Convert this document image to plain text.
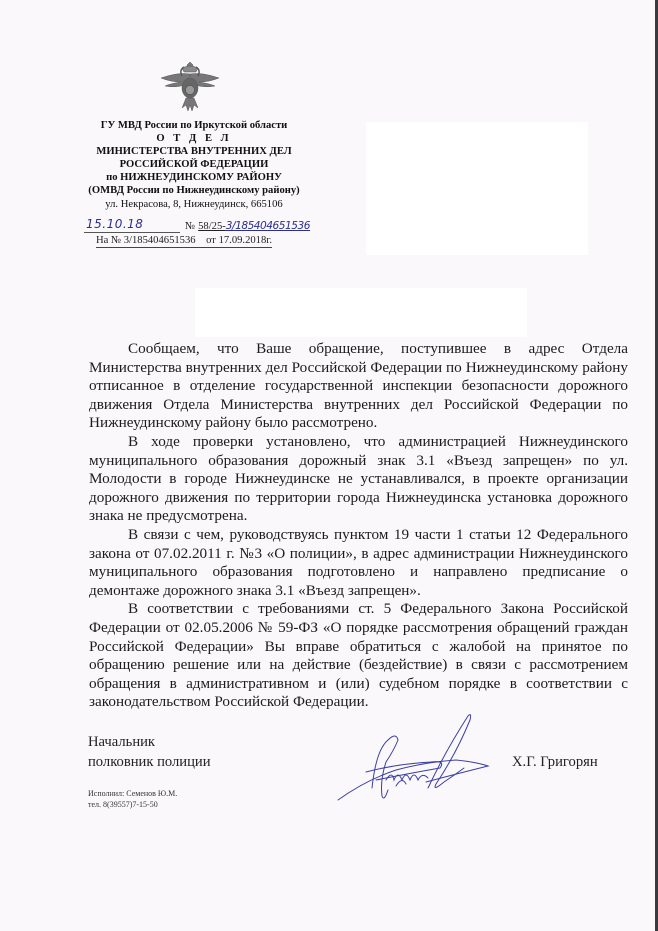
ГУ МВД России по Иркутской области
О Т Д Е Л
МИНИСТЕРСТВА ВНУТРЕННИХ ДЕЛ
РОССИЙСКОЙ ФЕДЕРАЦИИ
по НИЖНЕУДИНСКОМУ РАЙОНУ
(ОМВД России по Нижнеудинскому району)
ул. Некрасова, 8, Нижнеудинск, 665106
15.10.18	№ 58/25- 3/185404651536
На № 3/185404651536    от 17.09.2018г.

Сообщаем, что Ваше обращение, поступившее в адрес Отдела Министерства внутренних дел Российской Федерации по Нижнеудинскому району отписанное в отделение государственной инспекции безопасности дорожного движения Отдела Министерства внутренних дел Российской Федерации по Нижнеудинскому району было рассмотрено.

В ходе проверки установлено, что администрацией Нижнеудинского муниципального образования дорожный знак 3.1 «Въезд запрещен» по ул. Молодости в городе Нижнеудинске не устанавливался, в проекте организации дорожного движения по территории города Нижнеудинска установка дорожного знака не предусмотрена.

В связи с чем, руководствуясь пунктом 19 части 1 статьи 12 Федерального закона от 07.02.2011 г. №3 «О полиции», в адрес администрации Нижнеудинского муниципального образования подготовлено и направлено предписание о демонтаже дорожного знака 3.1 «Въезд запрещен».

В соответствии с требованиями ст. 5 Федерального Закона Российской Федерации от 02.05.2006 № 59-ФЗ «О порядке рассмотрения обращений граждан Российской Федерации» Вы вправе обратиться с жалобой на принятое по обращению решение или на действие (бездействие) в связи с рассмотрением обращения в административном и (или) судебном порядке в соответствии с законодательством Российской Федерации.

Начальник
полковник полиции	Х.Г. Григорян
Исполнил: Семенов Ю.М.
тел. 8(39557)7-15-50
